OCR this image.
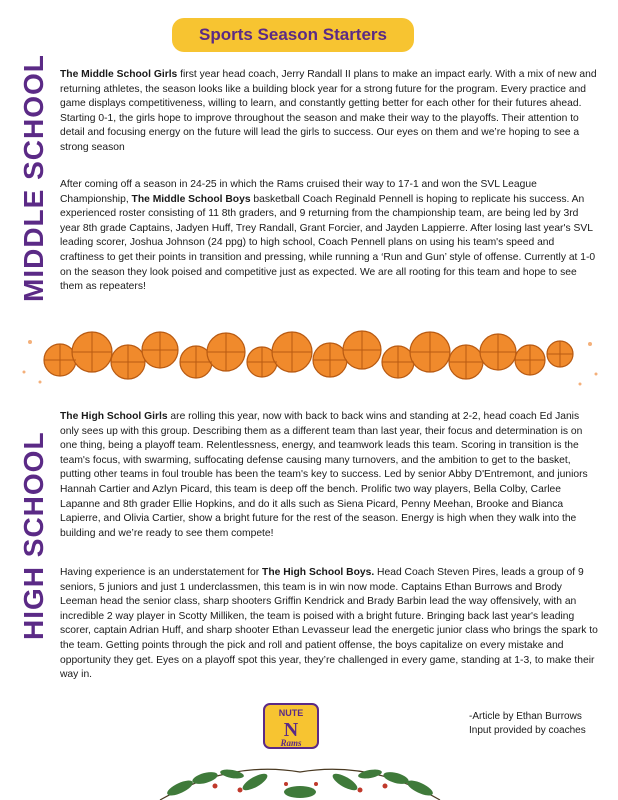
Sports Season Starters
MIDDLE SCHOOL
HIGH SCHOOL

The Middle School Girls first year head coach, Jerry Randall II plans to make an impact early. With a mix of new and returning athletes, the season looks like a building block year for a strong future for the program. Every practice and game displays competitiveness, willing to learn, and constantly getting better for each other for their futures ahead. Starting 0-1, the girls hope to improve throughout the season and make their way to the playoffs. Their attention to detail and focusing energy on the future will lead the girls to success. Our eyes on them and we’re hoping to see a strong season

After coming off a season in 24-25 in which the Rams cruised their way to 17-1 and won the SVL League Championship, The Middle School Boys basketball Coach Reginald Pennell is hoping to replicate his success. An experienced roster consisting of 11 8th graders, and 9 returning from the championship team, are being led by 3rd year 8th grade Captains, Jadyen Huff, Trey Randall, Grant Forcier, and Jayden Lappierre. After losing last year's SVL leading scorer, Joshua Johnson (24 ppg) to high school, Coach Pennell plans on using his team's speed and craftiness to get their points in transition and pressing, while running a ‘Run and Gun’ style of offense. Currently at 1-0 on the season they look poised and competitive just as expected. We are all rooting for this team and hope to see them as repeaters!

The High School Girls are rolling this year, now with back to back wins and standing at 2-2, head coach Ed Janis only sees up with this group. Describing them as a different team than last year, their focus and determination is on one thing, being a playoff team. Relentlessness, energy, and teamwork leads this team. Scoring in transition is the team's focus, with swarming, suffocating defense causing many turnovers, and the ambition to get to the basket, putting other teams in foul trouble has been the team's key to success. Led by senior Abby D'Entremont, and juniors Hannah Cartier and Azlyn Picard, this team is deep off the bench. Prolific two way players, Bella Colby, Carlee Lapanne and 8th grader Ellie Hopkins, and do it alls such as Siena Picard, Penny Meehan, Brooke and Bianca Lapierre, and Olivia Cartier, show a bright future for the rest of the season. Energy is high when they walk into the building and we’re ready to see them compete!

Having experience is an understatement for The High School Boys. Head Coach Steven Pires, leads a group of 9 seniors, 5 juniors and just 1 underclassmen, this team is in win now mode. Captains Ethan Burrows and Brody Leeman head the senior class, sharp shooters Griffin Kendrick and Brady Barbin lead the way offensively, with an incredible 2 way player in Scotty Milliken, the team is poised with a bright future. Bringing back last year's leading scorer, captain Adrian Huff, and sharp shooter Ethan Levasseur lead the energetic junior class who brings the spark to the team. Getting points through the pick and roll and patient offense, the boys capitalize on every mistake and opportunity they get. Eyes on a playoff spot this year, they’re challenged in every game, standing at 1-3, to make their way in.

NUTE
N
Rams
-Article by Ethan Burrows
Input provided by coaches
